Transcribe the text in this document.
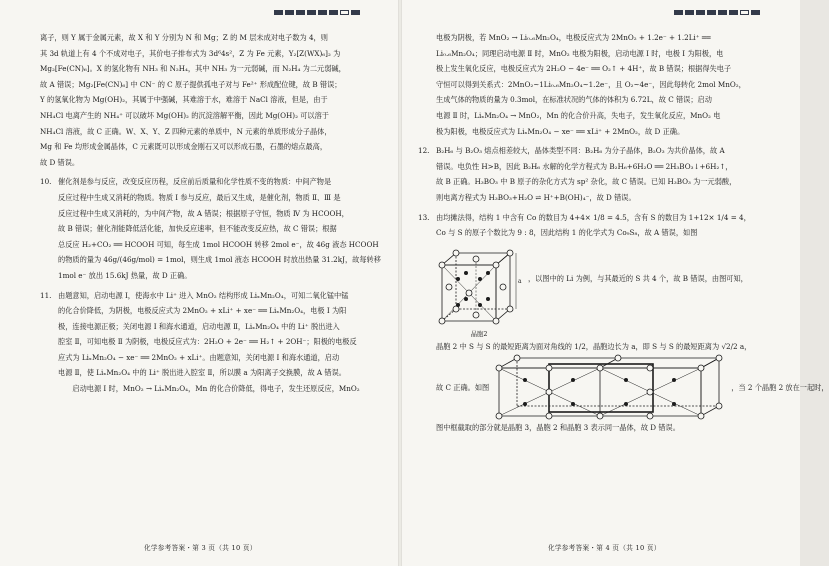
离子，则 Y 属于金属元素，故 X 和 Y 分别为 N 和 Mg；Z 的 M 层未成对电子数为 4，则

其 3d 轨道上有 4 个不成对电子，其价电子排布式为 3d⁶4s²，Z 为 Fe 元素，Y₂[Z(WX)₆]₂ 为

Mg₂[Fe(CN)₆]。X 的氢化物有 NH₃ 和 N₂H₄，其中 NH₃ 为一元弱碱，而 N₂H₄ 为二元弱碱，

故 A 错误；Mg₂[Fe(CN)₆] 中 CN⁻ 的 C 原子提供孤电子对与 Fe²⁺ 形成配位键，故 B 错误；

Y 的氢氧化物为 Mg(OH)₂，其属于中强碱，其难溶于水，难溶于 NaCl 溶液，但是，由于

NH₄Cl 电离产生的 NH₄⁺ 可以破坏 Mg(OH)₂ 的沉淀溶解平衡，因此 Mg(OH)₂ 可以溶于

NH₄Cl 溶液，故 C 正确。W、X、Y、Z 四种元素的单质中，N 元素的单质形成分子晶体，

Mg 和 Fe 均形成金属晶体，C 元素既可以形成金刚石又可以形成石墨，石墨的熔点最高，

故 D 错误。

10. 催化剂是参与反应，改变反应历程，反应前后质量和化学性质不变的物质：中间产物是

反应过程中生成又消耗的物质。物质 Ⅰ 参与反应，最后又生成，是催化剂，物质 Ⅱ、Ⅲ 是

反应过程中生成又消耗的，为中间产物，故 A 错误；根据原子守恒，物质 Ⅳ 为 HCOOH，

故 B 错误；催化剂能降低活化能，加快反应速率，但不能改变反应热，故 C 错误；根据

总反应 H₂+CO₂ ══ HCOOH 可知，每生成 1mol HCOOH 转移 2mol e⁻，故 46g 液态 HCOOH

的物质的量为 46g/(46g/mol) = 1mol，则生成 1mol 液态 HCOOH 时放出热量 31.2kJ，故每转移

1mol e⁻ 放出 15.6kJ 热量，故 D 正确。

11. 由题意知，启动电源 Ⅰ，使海水中 Li⁺ 进入 MnO₂ 结构形成 LiₓMn₂O₄，可知二氧化锰中锰

的化合价降低，为阴极，电极反应式为 2MnO₂ + xLi⁺ + xe⁻ ══ LiₓMn₂O₄，电极 Ⅰ 为阳

极，连接电源正极；关闭电源 Ⅰ 和海水通道，启动电源 Ⅱ，LiₓMn₂O₄ 中的 Li⁺ 脱出进入

腔室 Ⅱ，可知电极 Ⅱ 为阴极，电极反应式为：2H₂O + 2e⁻ ══ H₂↑ + 2OH⁻；阳极的电极反

应式为 LiₓMn₂O₄ − xe⁻ ══ 2MnO₂ + xLi⁺。由题意知，关闭电源 Ⅰ 和海水通道，启动

电源 Ⅱ，使 LiₓMn₂O₄ 中的 Li⁺ 脱出进入腔室 Ⅱ，所以膜 a 为阳离子交换膜，故 A 错误。

启动电源 Ⅰ 时，MnO₂ → LiₓMn₂O₄，Mn 的化合价降低，得电子，发生还原反应，MnO₂

化学参考答案・第 3 页（共 10 页）

电极为阴极，若 MnO₂ → Li₀.₆Mn₂O₄，电极反应式为 2MnO₂ + 1.2e⁻ + 1.2Li⁺ ══

Li₀.₆Mn₂O₄；同理启动电源 Ⅱ 时，MnO₂ 电极为阳极，启动电源 Ⅰ 时，电极 Ⅰ 为阳极，电

极上发生氧化反应，电极反应式为 2H₂O − 4e⁻ ══ O₂↑ + 4H⁺，故 B 错误；根据得失电子

守恒可以得到关系式：2MnO₂~1Li₀.₆Mn₂O₄~1.2e⁻，且 O₂~4e⁻，因此每转化 2mol MnO₂，

生成气体的物质的量为 0.3mol，在标准状况的气体的体积为 6.72L，故 C 错误；启动

电源 Ⅱ 时，LiₓMn₂O₄ → MnO₂，Mn 的化合价升高，失电子，发生氧化反应，MnO₂ 电

极为阳极，电极反应式为 LiₓMn₂O₄ − xe⁻ ══ xLi⁺ + 2MnO₂，故 D 正确。

12. B₂H₆ 与 B₂O₃ 熔点相差较大，晶体类型不同：B₂H₆ 为分子晶体，B₂O₃ 为共价晶体，故 A

错误。电负性 H>B，因此 B₂H₆ 水解的化学方程式为 B₂H₆+6H₂O ══ 2H₃BO₃↓+6H₂↑，

故 B 正确。H₃BO₃ 中 B 原子的杂化方式为 sp² 杂化，故 C 错误。已知 H₃BO₃ 为一元弱酸，

则电离方程式为 H₃BO₃+H₂O ⇌ H⁺+B(OH)₄⁻，故 D 错误。

13. 由均摊法得，结构 1 中含有 Co 的数目为 4+4× 1/8 = 4.5，含有 S 的数目为 1+12× 1/4 = 4，

Co 与 S 的原子个数比为 9 : 8，因此结构 1 的化学式为 Co₉S₈，故 A 错误，如图

a
晶胞2

，以图中的 Li 为例，与其最近的 S 共 4 个，故 B 错误，由图可知，

晶胞 2 中 S 与 S 的最短距离为面对角线的 1/2，晶胞边长为 a，即 S 与 S 的最短距离为 √2/2 a，

故 C 正确。如图	，当 2 个晶胞 2 放在一起时，

图中框截取的部分就是晶胞 3，晶胞 2 和晶胞 3 表示同一晶体，故 D 错误。

化学参考答案・第 4 页（共 10 页）
